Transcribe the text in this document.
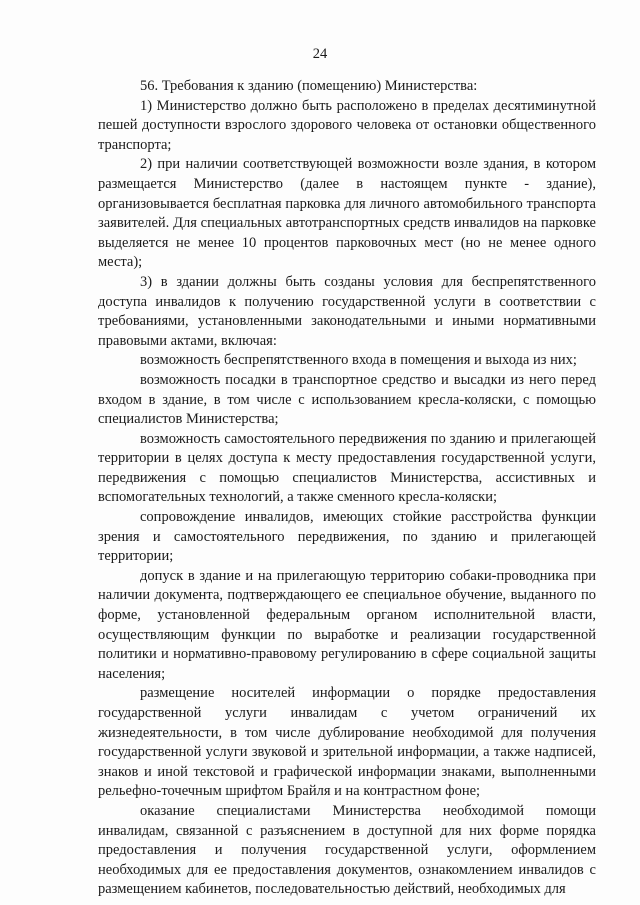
24

56. Требования к зданию (помещению) Министерства:

1) Министерство должно быть расположено в пределах десятиминутной пешей доступности взрослого здорового человека от остановки общественного транспорта;

2) при наличии соответствующей возможности возле здания, в котором размещается Министерство (далее в настоящем пункте - здание), организовывается бесплатная парковка для личного автомобильного транспорта заявителей. Для специальных автотранспортных средств инвалидов на парковке выделяется не менее 10 процентов парковочных мест (но не менее одного места);

3) в здании должны быть созданы условия для беспрепятственного доступа инвалидов к получению государственной услуги в соответствии с требованиями, установленными законодательными и иными нормативными правовыми актами, включая:

возможность беспрепятственного входа в помещения и выхода из них;

возможность посадки в транспортное средство и высадки из него перед входом в здание, в том числе с использованием кресла-коляски, с помощью специалистов Министерства;

возможность самостоятельного передвижения по зданию и прилегающей территории в целях доступа к месту предоставления государственной услуги, передвижения с помощью специалистов Министерства, ассистивных и вспомогательных технологий, а также сменного кресла-коляски;

сопровождение инвалидов, имеющих стойкие расстройства функции зрения и самостоятельного передвижения, по зданию и прилегающей территории;

допуск в здание и на прилегающую территорию собаки-проводника при наличии документа, подтверждающего ее специальное обучение, выданного по форме, установленной федеральным органом исполнительной власти, осуществляющим функции по выработке и реализации государственной политики и нормативно-правовому регулированию в сфере социальной защиты населения;

размещение носителей информации о порядке предоставления государственной услуги инвалидам с учетом ограничений их жизнедеятельности, в том числе дублирование необходимой для получения государственной услуги звуковой и зрительной информации, а также надписей, знаков и иной текстовой и графической информации знаками, выполненными рельефно-точечным шрифтом Брайля и на контрастном фоне;

оказание специалистами Министерства необходимой помощи инвалидам, связанной с разъяснением в доступной для них форме порядка предоставления и получения государственной услуги, оформлением необходимых для ее предоставления документов, ознакомлением инвалидов с размещением кабинетов, последовательностью действий, необходимых для
